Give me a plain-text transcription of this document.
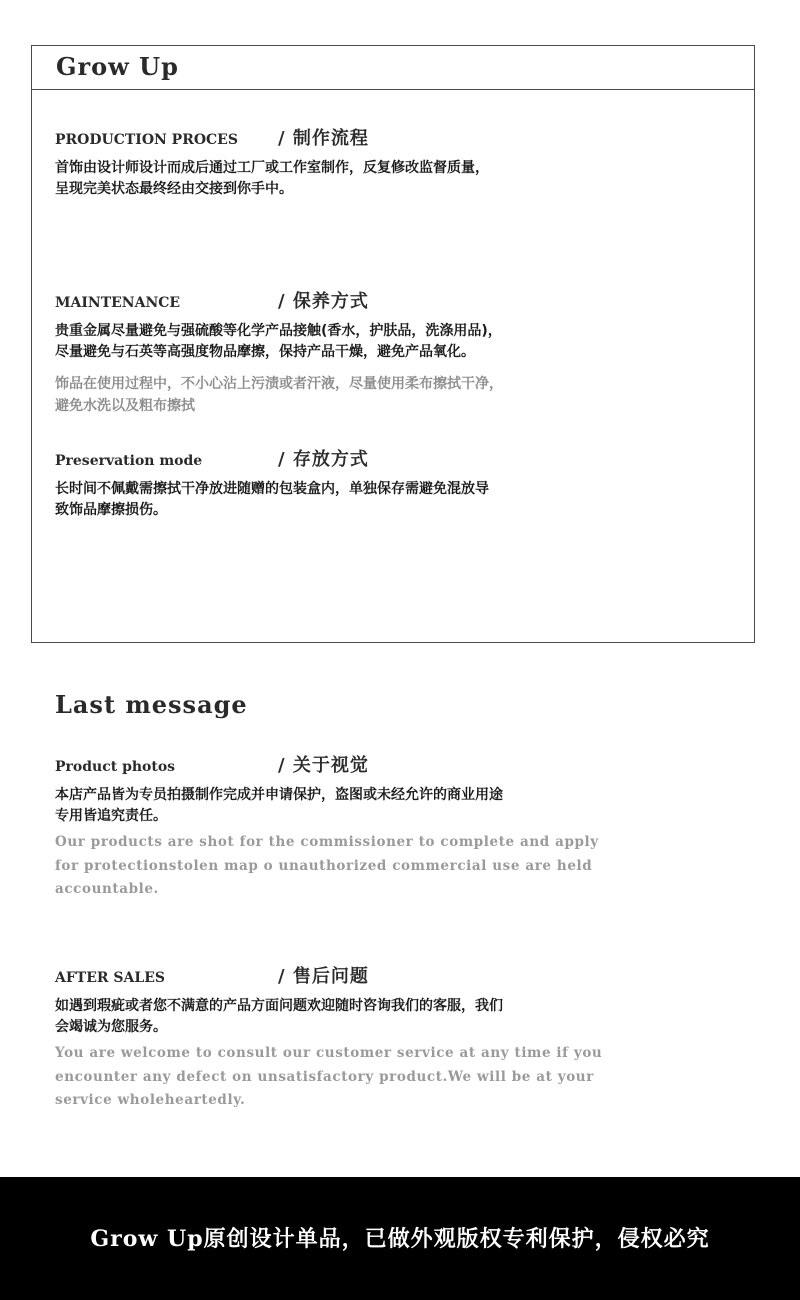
Grow Up
PRODUCTION PROCES / 制作流程

首饰由设计师设计而成后通过工厂或工作室制作，反复修改监督质量，
呈现完美状态最终经由交接到你手中。

MAINTENANCE	/ 保养方式

贵重金属尽量避免与强硫酸等化学产品接触(香水，护肤品，洗涤用品)，
尽量避免与石英等高强度物品摩擦，保持产品干燥，避免产品氧化。

饰品在使用过程中，不小心沾上污渍或者汗液，尽量使用柔布擦拭干净，
避免水洗以及粗布擦拭

Preservation mode	/ 存放方式

长时间不佩戴需擦拭干净放进随赠的包装盒内，单独保存需避免混放导
致饰品摩擦损伤。

Last message
Product photos	/ 关于视觉

本店产品皆为专员拍摄制作完成并申请保护，盗图或未经允许的商业用途
专用皆追究责任。

Our products are shot for the commissioner to complete and apply
for protectionstolen map o unauthorized commercial use are held
accountable.

AFTER SALES	/ 售后问题

如遇到瑕疵或者您不满意的产品方面问题欢迎随时咨询我们的客服，我们
会竭诚为您服务。

You are welcome to consult our customer service at any time if you
encounter any defect on unsatisfactory product.We will be at your
service wholeheartedly.

Grow Up原创设计单品，已做外观版权专利保护，侵权必究
